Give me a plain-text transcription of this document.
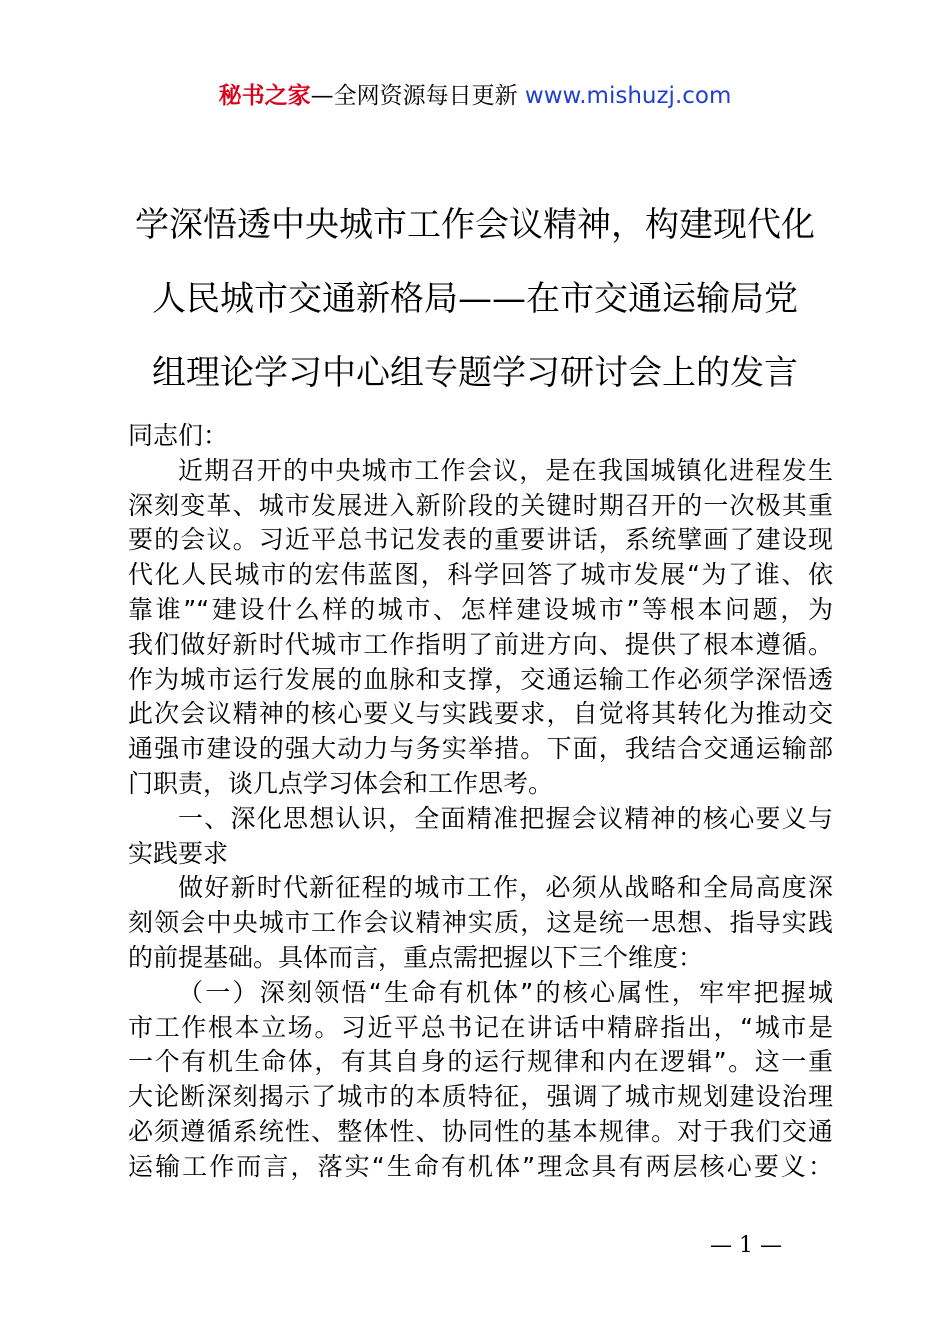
秘书之家—全网资源每日更新 www.mishuzj.com
学深悟透中央城市工作会议精神，构建现代化
人民城市交通新格局——在市交通运输局党
组理论学习中心组专题学习研讨会上的发言
同志们：
近期召开的中央城市工作会议，是在我国城镇化进程发生
深刻变革、城市发展进入新阶段的关键时期召开的一次极其重
要的会议。习近平总书记发表的重要讲话，系统擘画了建设现
代化人民城市的宏伟蓝图，科学回答了城市发展“为了谁、依
靠谁”“建设什么样的城市、怎样建设城市”等根本问题，为
我们做好新时代城市工作指明了前进方向、提供了根本遵循。
作为城市运行发展的血脉和支撑，交通运输工作必须学深悟透
此次会议精神的核心要义与实践要求，自觉将其转化为推动交
通强市建设的强大动力与务实举措。下面，我结合交通运输部
门职责，谈几点学习体会和工作思考。
一、深化思想认识，全面精准把握会议精神的核心要义与
实践要求
做好新时代新征程的城市工作，必须从战略和全局高度深
刻领会中央城市工作会议精神实质，这是统一思想、指导实践
的前提基础。具体而言，重点需把握以下三个维度：
（一）深刻领悟“生命有机体”的核心属性，牢牢把握城
市工作根本立场。习近平总书记在讲话中精辟指出，“城市是
一个有机生命体，有其自身的运行规律和内在逻辑”。这一重
大论断深刻揭示了城市的本质特征，强调了城市规划建设治理
必须遵循系统性、整体性、协同性的基本规律。对于我们交通
运输工作而言，落实“生命有机体”理念具有两层核心要义：
— 1 —
